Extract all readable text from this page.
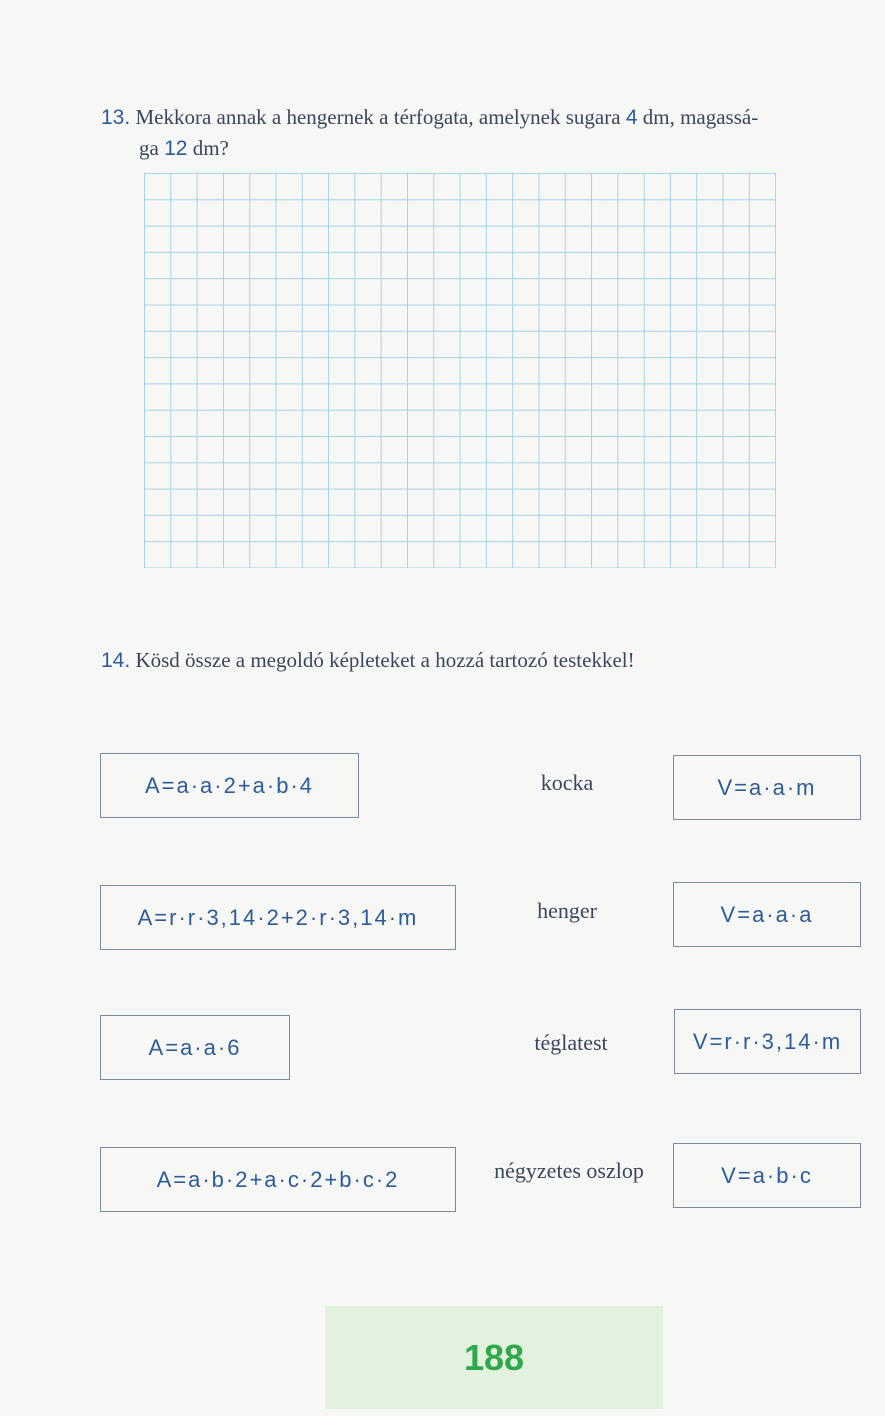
13. Mekkora annak a hengernek a térfogata, amelynek sugara 4 dm, magassá-
ga 12 dm?
14. Kösd össze a megoldó képleteket a hozzá tartozó testekkel!
A=a·a·2+a·b·4
A=r·r·3,14·2+2·r·3,14·m
A=a·a·6
A=a·b·2+a·c·2+b·c·2
kocka
henger
téglatest
négyzetes oszlop
V=a·a·m
V=a·a·a
V=r·r·3,14·m
V=a·b·c
188
